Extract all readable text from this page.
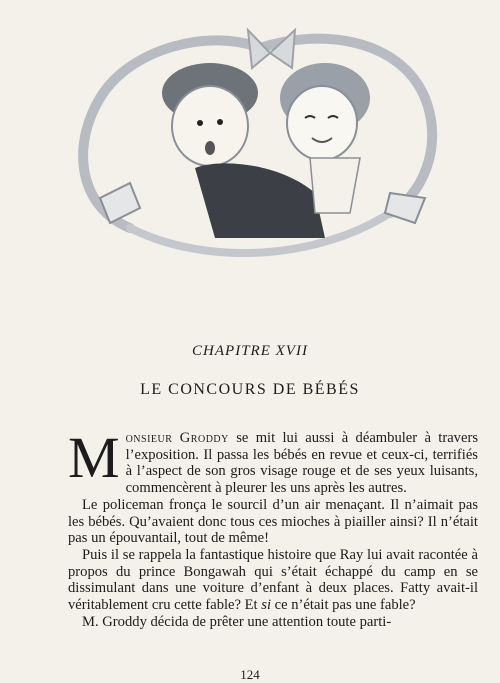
CHAPITRE XVII
LE CONCOURS DE BÉBÉS

Monsieur Groddy se mit lui aussi à déambuler à travers l’exposition. Il passa les bébés en revue et ceux-ci, terrifiés à l’aspect de son gros visage rouge et de ses yeux luisants, commencèrent à pleurer les uns après les autres.

Le policeman fronça le sourcil d’un air menaçant. Il n’aimait pas les bébés. Qu’avaient donc tous ces mioches à piailler ainsi? Il n’était pas un épouvantail, tout de même!

Puis il se rappela la fantastique histoire que Ray lui avait racontée à propos du prince Bongawah qui s’était échappé du camp en se dissimulant dans une voiture d’enfant à deux places. Fatty avait-il véritablement cru cette fable? Et si ce n’était pas une fable?

M. Groddy décida de prêter une attention toute parti-

124
